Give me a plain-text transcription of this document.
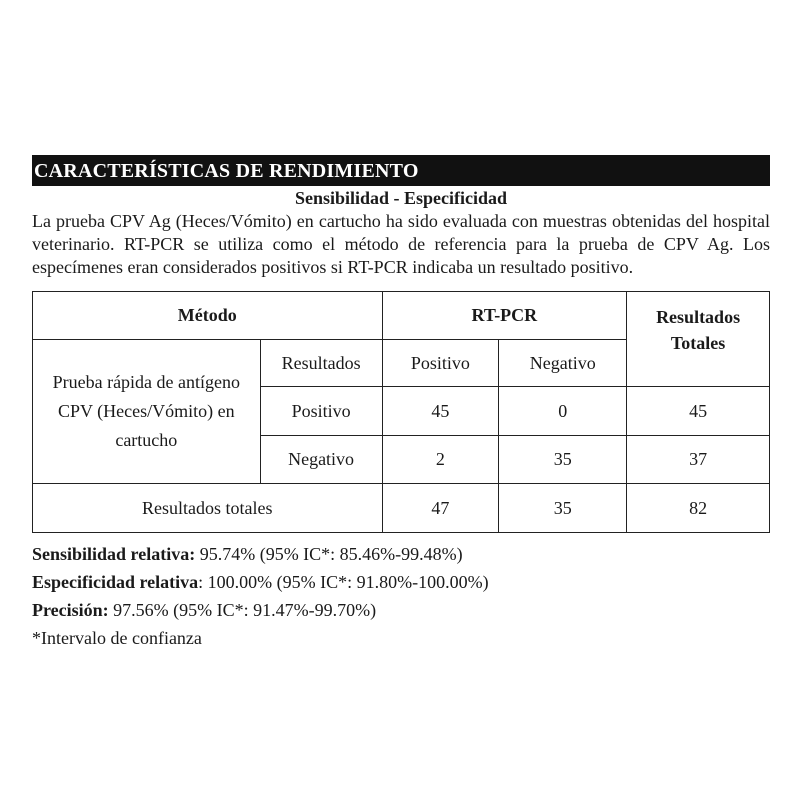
CARACTERÍSTICAS DE RENDIMIENTO
Sensibilidad - Especificidad

La prueba CPV Ag (Heces/Vómito) en cartucho ha sido evaluada con muestras obtenidas del hospital veterinario. RT-PCR se utiliza como el método de referencia para la prueba de CPV Ag. Los especímenes eran considerados positivos si RT-PCR indicaba un resultado positivo.

Método		RT-PCR		Resultados Totales
Prueba rápida de antígeno CPV (Heces/Vómito) en cartucho	Resultados	Positivo	Negativo	
	Positivo	45	0	45
	Negativo	2	35	37
Resultados totales		47	35	82

Sensibilidad relativa: 95.74% (95% IC*: 85.46%-99.48%)

Especificidad relativa: 100.00% (95% IC*: 91.80%-100.00%)

Precisión: 97.56% (95% IC*: 91.47%-99.70%)

*Intervalo de confianza
